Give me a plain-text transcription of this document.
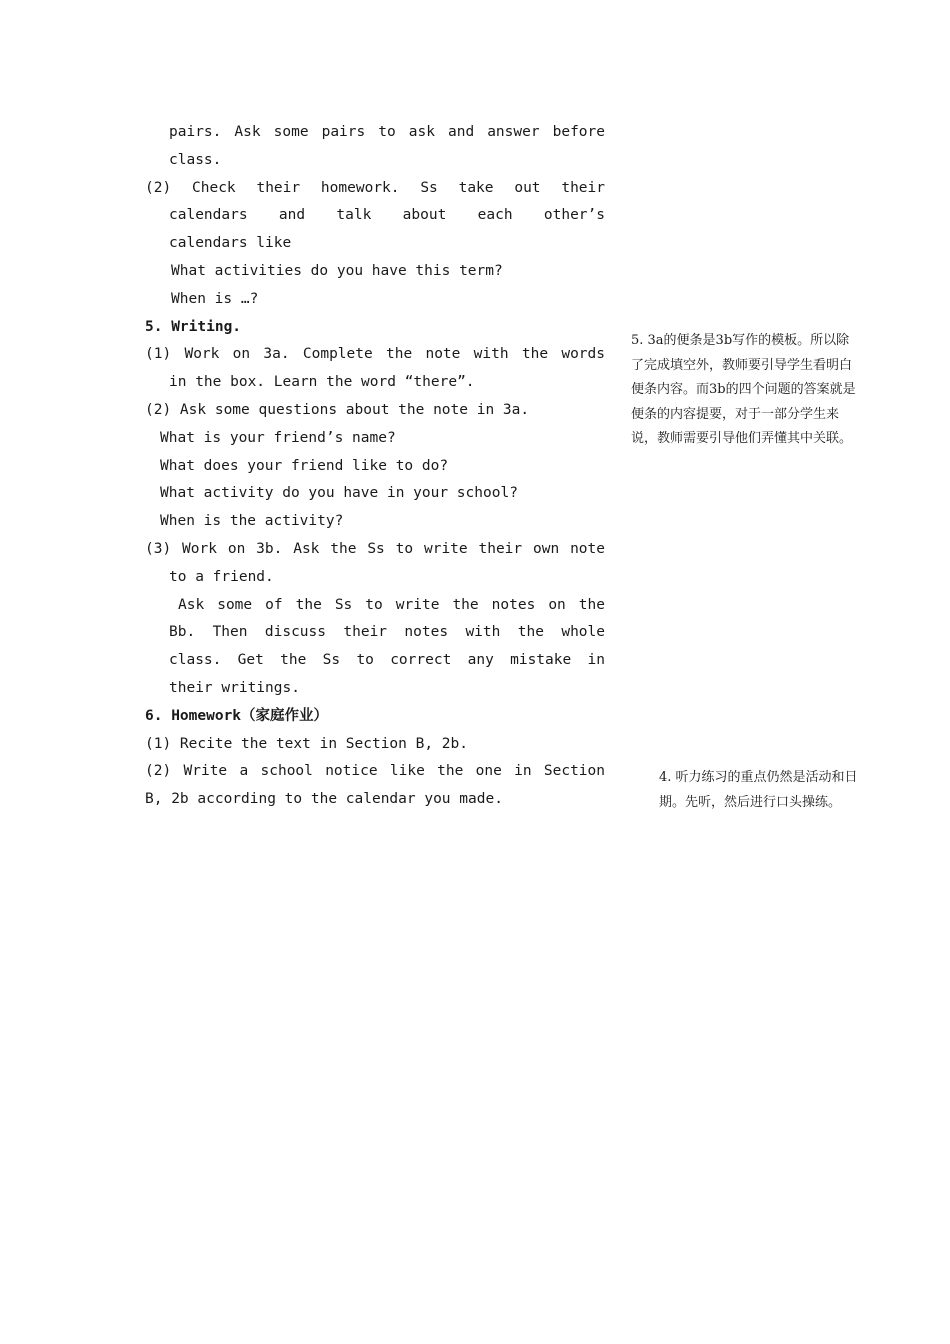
pairs. Ask some pairs to ask and answer before

class.

(2) Check their homework. Ss take out their

calendars and talk about each other’s

calendars like

What activities do you have this term?

When is …?

5. Writing.

(1) Work on 3a. Complete the note with the words

in the box. Learn the word “there”.

(2) Ask some questions about the note in 3a.

What is your friend’s name?

What does your friend like to do?

What activity do you have in your school?

When is the activity?

(3) Work on 3b. Ask the Ss to write their own note

to a friend.

Ask some of the Ss to write the notes on the

Bb. Then discuss their notes with the whole

class. Get the Ss to correct any mistake in

their writings.

6. Homework（家庭作业）

(1) Recite the text in Section B, 2b.

(2) Write a school notice like the one in Section

B, 2b according to the calendar you made.

5. 3a的便条是3b写作的模板。所以除了完成填空外，教师要引导学生看明白便条内容。而3b的四个问题的答案就是便条的内容提要，对于一部分学生来说，教师需要引导他们弄懂其中关联。
4. 听力练习的重点仍然是活动和日期。先听，然后进行口头操练。
